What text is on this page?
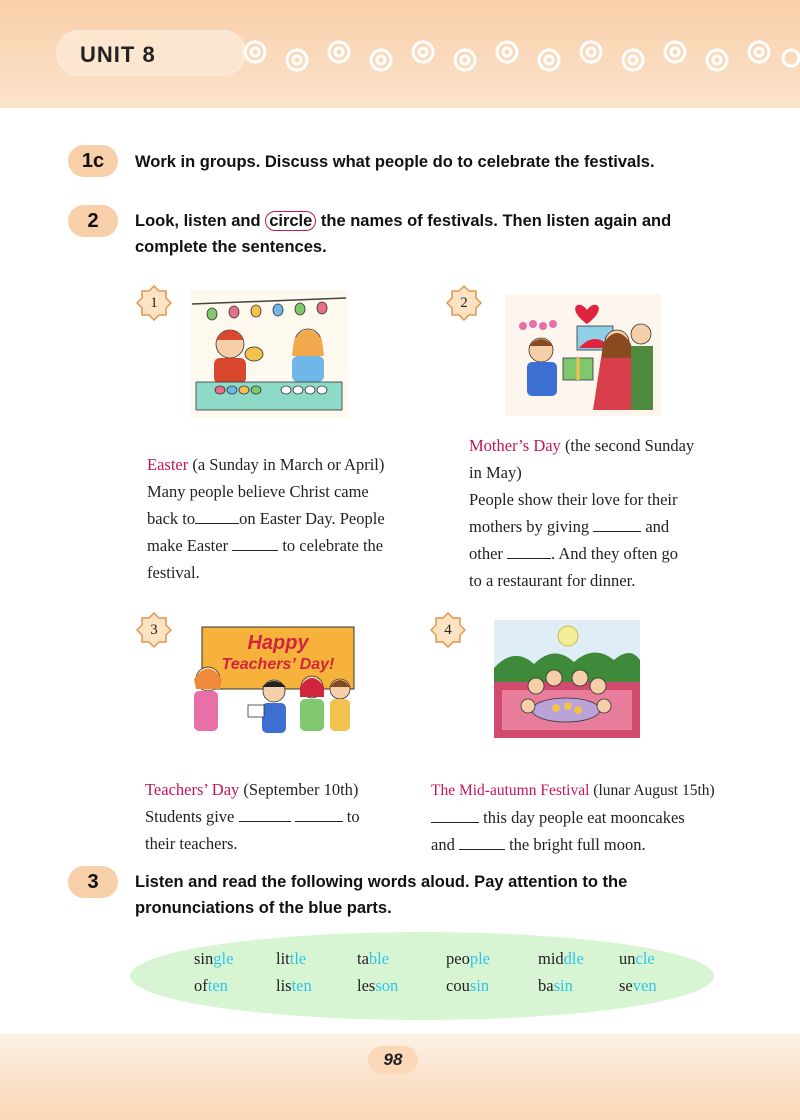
UNIT 8
1c	Work in groups. Discuss what people do to celebrate the festivals.
2	Look, listen and circle the names of festivals. Then listen again and
complete the sentences.
1
Easter (a Sunday in March or April)
Many people believe Christ came
back to	on Easter Day. People
make Easter	to celebrate the
festival.
2
Mother’s Day (the second Sunday
in May)
People show their love for their
mothers by giving	and
other	. And they often go
to a restaurant for dinner.
3
Happy
Teachers’ Day!
Teachers’ Day (September 10th)
Students give	to
their teachers.
4
The Mid-autumn Festival (lunar August 15th)
this day people eat mooncakes
and	the bright full moon.
3	Listen and read the following words aloud. Pay attention to the
pronunciations of the blue parts.
single	little	table	people	middle uncle
often	listen	lesson	cousin	basin	seven
98
